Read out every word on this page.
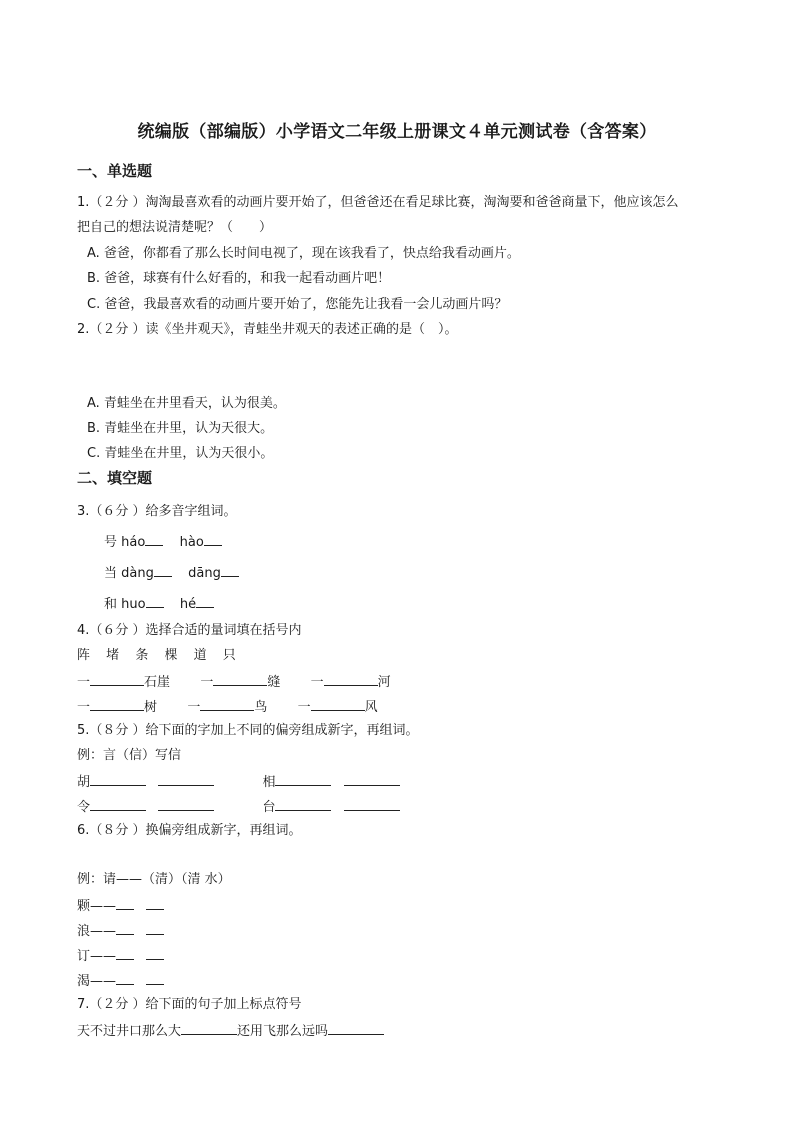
统编版（部编版）小学语文二年级上册课文４单元测试卷（含答案）
一、单选题
1.（２分 ）淘淘最喜欢看的动画片要开始了，但爸爸还在看足球比赛，淘淘要和爸爸商量下，他应该怎么
把自己的想法说清楚呢？（　　）
A. 爸爸，你都看了那么长时间电视了，现在该我看了，快点给我看动画片。
B. 爸爸，球赛有什么好看的，和我一起看动画片吧！
C. 爸爸，我最喜欢看的动画片要开始了，您能先让我看一会儿动画片吗？
2.（２分 ）读《坐井观天》，青蛙坐井观天的表述正确的是（　）。
A. 青蛙坐在井里看天，认为很美。
B. 青蛙坐在井里，认为天很大。
C. 青蛙坐在井里，认为天很小。
二、填空题
3.（６分 ）给多音字组词。
号 háo	hào
当 dàng	dāng
和 huo	hé
4.（６分 ）选择合适的量词填在括号内
阵 堵 条 棵 道 只
一	石崖 一	缝 一	河
一	树 一	鸟 一	风
5.（８分 ）给下面的字加上不同的偏旁组成新字，再组词。
例：言（信）写信
胡	相
令	台
6.（８分 ）换偏旁组成新字，再组词。
例：请——（清）（清 水）
颗——
浪——
订——
渴——
7.（２分 ）给下面的句子加上标点符号
天不过井口那么大	还用飞那么远吗
